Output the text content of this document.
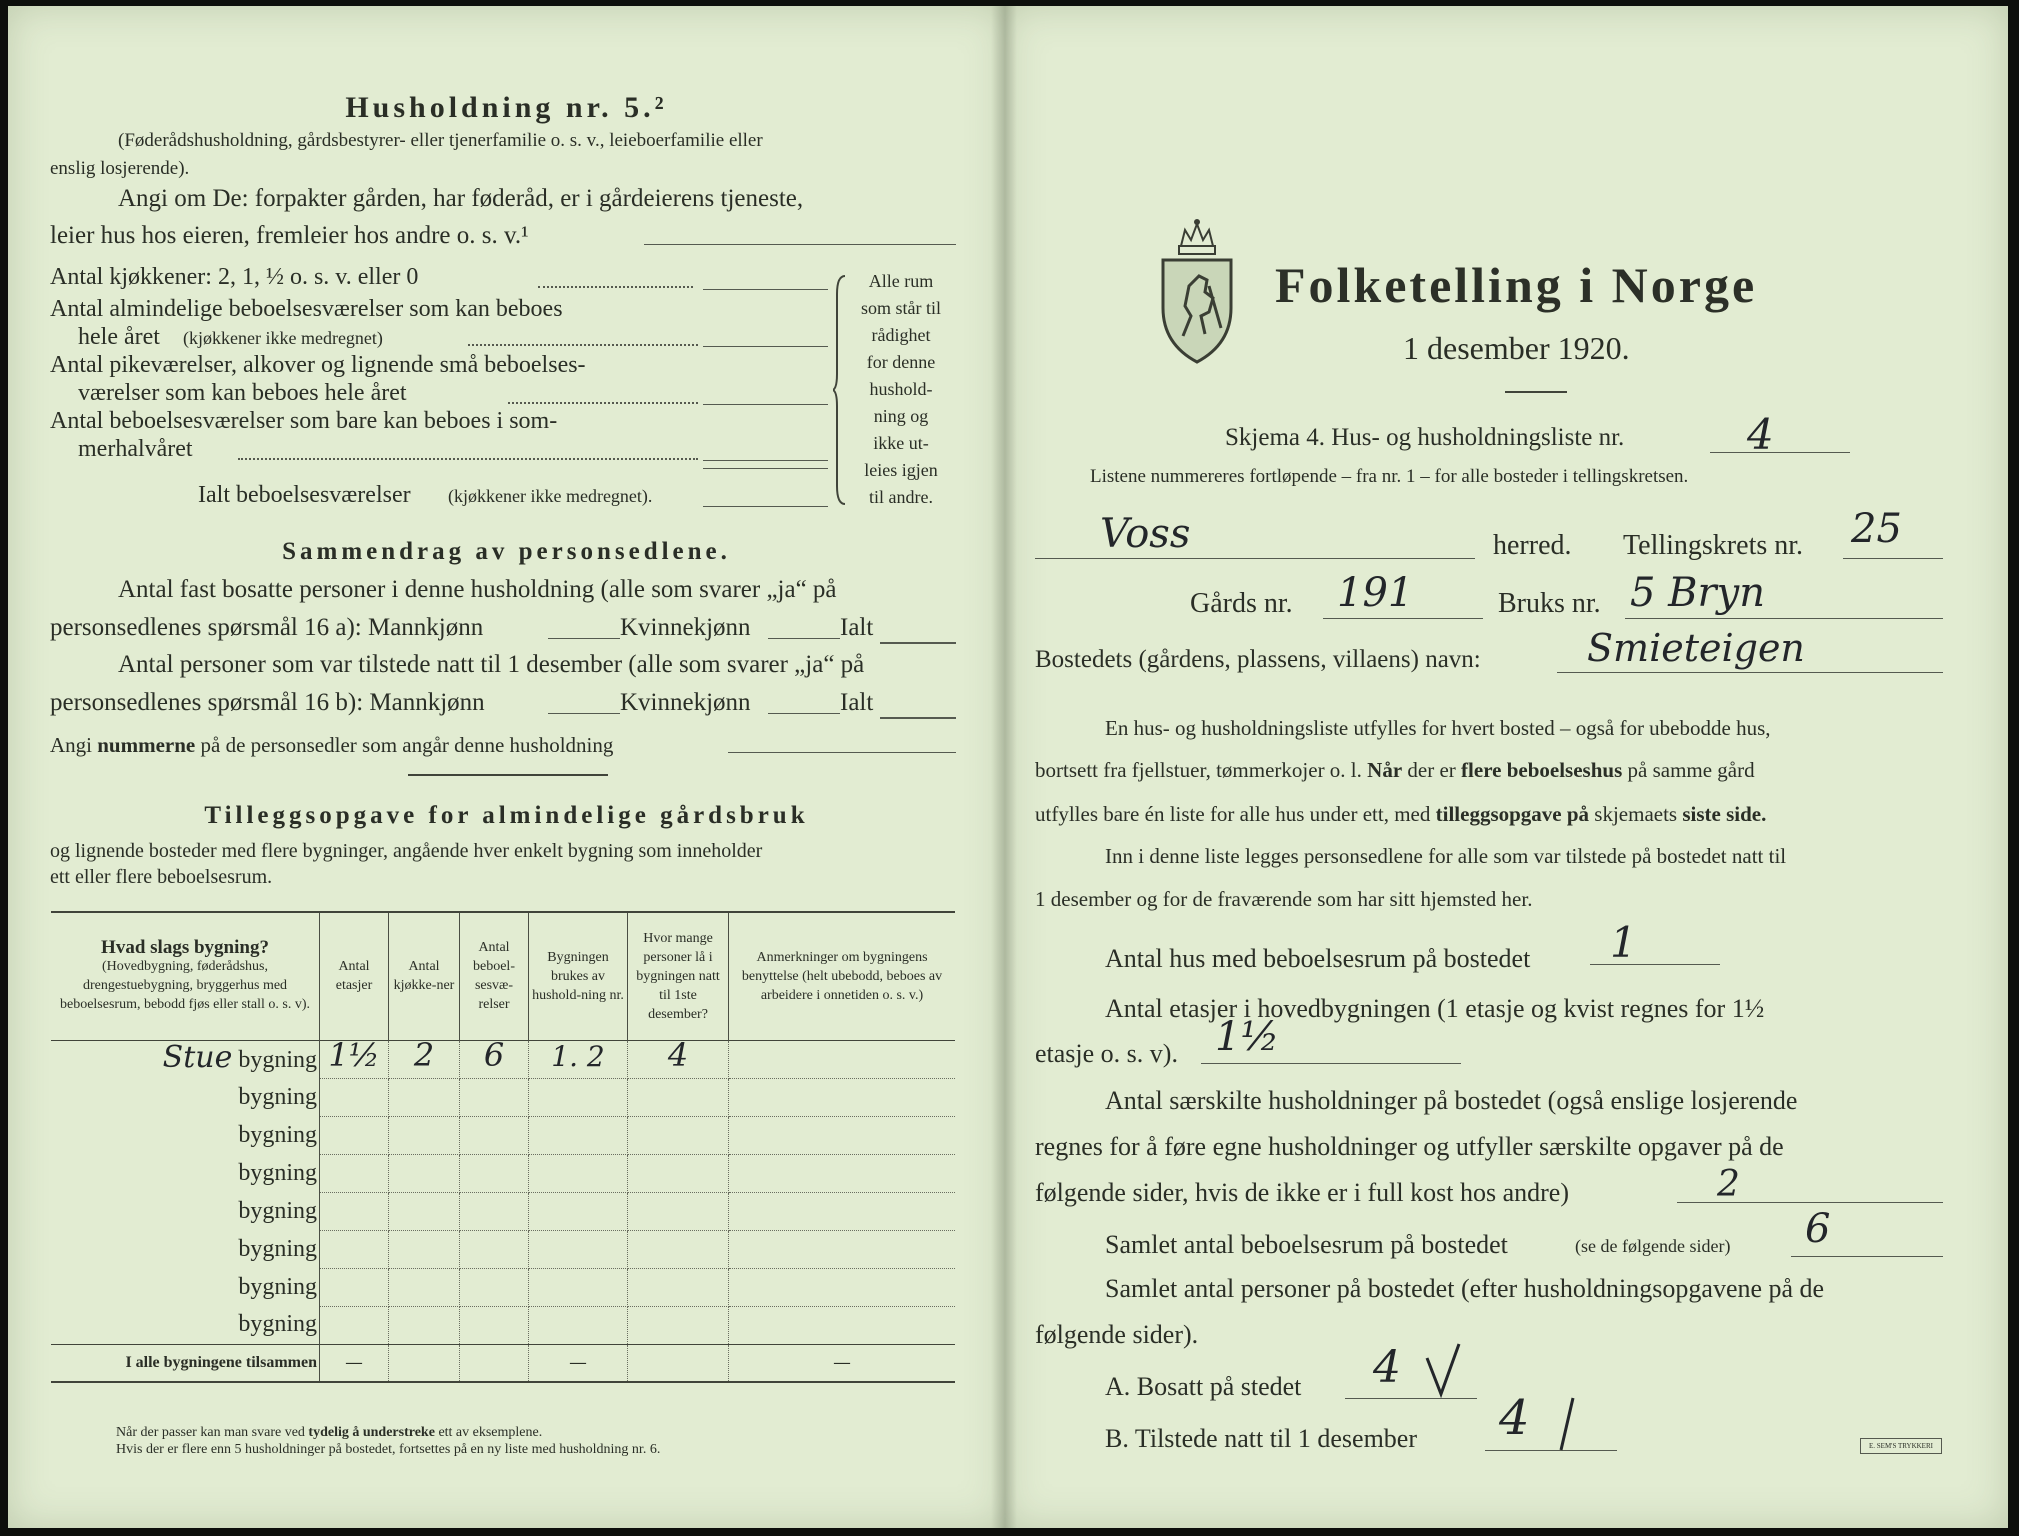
Husholdning nr. 5.²
(Føderådshusholdning, gårdsbestyrer- eller tjenerfamilie o. s. v., leieboerfamilie eller
enslig losjerende).
Angi om De: forpakter gården, har føderåd, er i gårdeierens tjeneste,
leier hus hos eieren, fremleier hos andre o. s. v.¹
Antal kjøkkener: 2, 1, ½ o. s. v. eller 0
Antal almindelige beboelsesværelser som kan beboes
hele året (kjøkkener ikke medregnet)
Antal pikeværelser, alkover og lignende små beboelses-
værelser som kan beboes hele året
Antal beboelsesværelser som bare kan beboes i som-
merhalvåret
Ialt beboelsesværelser (kjøkkener ikke medregnet).
Alle rum
som står til
rådighet
for denne
hushold-
ning og
ikke ut-
leies igjen
til andre.
Sammendrag av personsedlene.
Antal fast bosatte personer i denne husholdning (alle som svarer „ja“ på
personsedlenes spørsmål 16 a): Mannkjønn	Kvinnekjønn	Ialt
Antal personer som var tilstede natt til 1 desember (alle som svarer „ja“ på
personsedlenes spørsmål 16 b): Mannkjønn	Kvinnekjønn	Ialt
Angi nummerne på de personsedler som angår denne husholdning
Tilleggsopgave for almindelige gårdsbruk
og lignende bosteder med flere bygninger, angående hver enkelt bygning som inneholder
ett eller flere beboelsesrum.
Hvad slags bygning?
(Hovedbygning, føderådshus, drengestuebygning, bryggerhus med beboelsesrum, bebodd fjøs eller stall o. s. v).	Antal etasjer	Antal kjøkke-ner	Antal beboel-sesvæ-relser	Bygningen brukes av hushold-ning nr.	Hvor mange personer lå i bygningen natt til 1ste desember?	Anmerkninger om bygningens benyttelse (helt ubebodd, beboes av arbeidere i onnetiden o. s. v.)
Stue bygning	1½	2	6	1. 2	4	
bygning						
bygning						
bygning						
bygning						
bygning						
bygning						
bygning						
I alle bygningene tilsammen	—			—		—
Når der passer kan man svare ved tydelig å understreke ett av eksemplene.
Hvis der er flere enn 5 husholdninger på bostedet, fortsettes på en ny liste med husholdning nr. 6.
Folketelling i Norge
1 desember 1920.
Skjema 4. Hus- og husholdningsliste nr.	4
Listene nummereres fortløpende – fra nr. 1 – for alle bosteder i tellingskretsen.
Voss	herred. Tellingskrets nr. 25
Gårds nr. 191	Bruks nr. 5 Bryn
Bostedets (gårdens, plassens, villaens) navn:	Smieteigen
En hus- og husholdningsliste utfylles for hvert bosted – også for ubebodde hus,
bortsett fra fjellstuer, tømmerkojer o. l. Når der er flere beboelseshus på samme gård
utfylles bare én liste for alle hus under ett, med tilleggsopgave på skjemaets siste side.
Inn i denne liste legges personsedlene for alle som var tilstede på bostedet natt til
1 desember og for de fraværende som har sitt hjemsted her.
Antal hus med beboelsesrum på bostedet 1
Antal etasjer i hovedbygningen (1 etasje og kvist regnes for 1½
etasje o. s. v). 1½
Antal særskilte husholdninger på bostedet (også enslige losjerende
regnes for å føre egne husholdninger og utfyller særskilte opgaver på de
følgende sider, hvis de ikke er i full kost hos andre)	2
Samlet antal beboelsesrum på bostedet	(se de følgende sider) 6
Samlet antal personer på bostedet (efter husholdningsopgavene på de
følgende sider).
A. Bosatt på stedet 4
B. Tilstede natt til 1 desember 4	E. SEM'S TRYKKERI
